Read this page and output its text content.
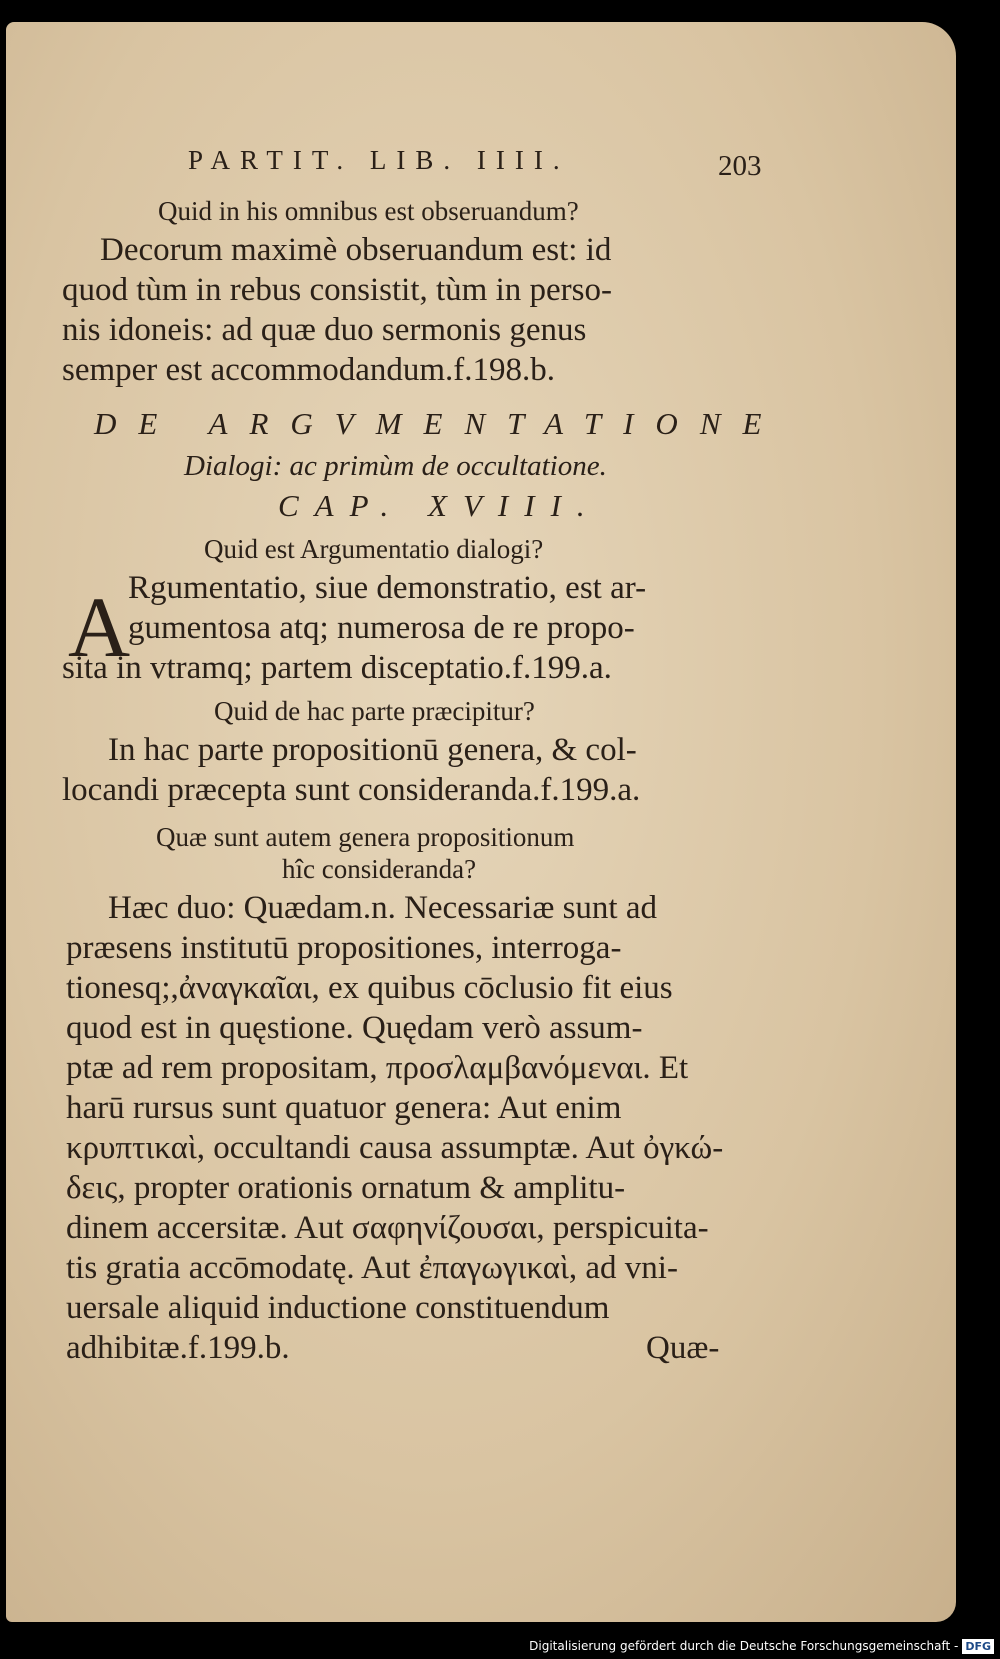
PARTIT. LIB. IIII.	203
Quid in his omnibus est obseruandum?
Decorum maximè obseruandum est: id
quod tùm in rebus consistit, tùm in perso-
nis idoneis: ad quæ duo sermonis genus
semper est accommodandum.f.198.b.
DE ARGVMENTATIONE
Dialogi: ac primùm de occultatione.
CAP. XVIII.
Quid est Argumentatio dialogi?
A
Rgumentatio, siue demonstratio, est ar-
gumentosa atq; numerosa de re propo-
sita in vtramq; partem disceptatio.f.199.a.
Quid de hac parte præcipitur?
In hac parte propositionū genera, & col-
locandi præcepta sunt consideranda.f.199.a.
Quæ sunt autem genera propositionum
hîc consideranda?
Hæc duo: Quædam.n. Necessariæ sunt ad
præsens institutū propositiones, interroga-
tionesq;,ἀναγκαῖαι, ex quibus cōclusio fit eius
quod est in quęstione. Quędam verò assum-
ptæ ad rem propositam, προσλαμβανόμεναι. Et
harū rursus sunt quatuor genera: Aut enim
κρυπτικαὶ, occultandi causa assumptæ. Aut ὀγκώ-
δεις, propter orationis ornatum & amplitu-
dinem accersitæ. Aut σαφηνίζουσαι, perspicuita-
tis gratia accōmodatę. Aut ἐπαγωγικαὶ, ad vni-
uersale aliquid inductione constituendum
adhibitæ.f.199.b.	Quæ-
Digitalisierung gefördert durch die Deutsche Forschungsgemeinschaft - DFG
